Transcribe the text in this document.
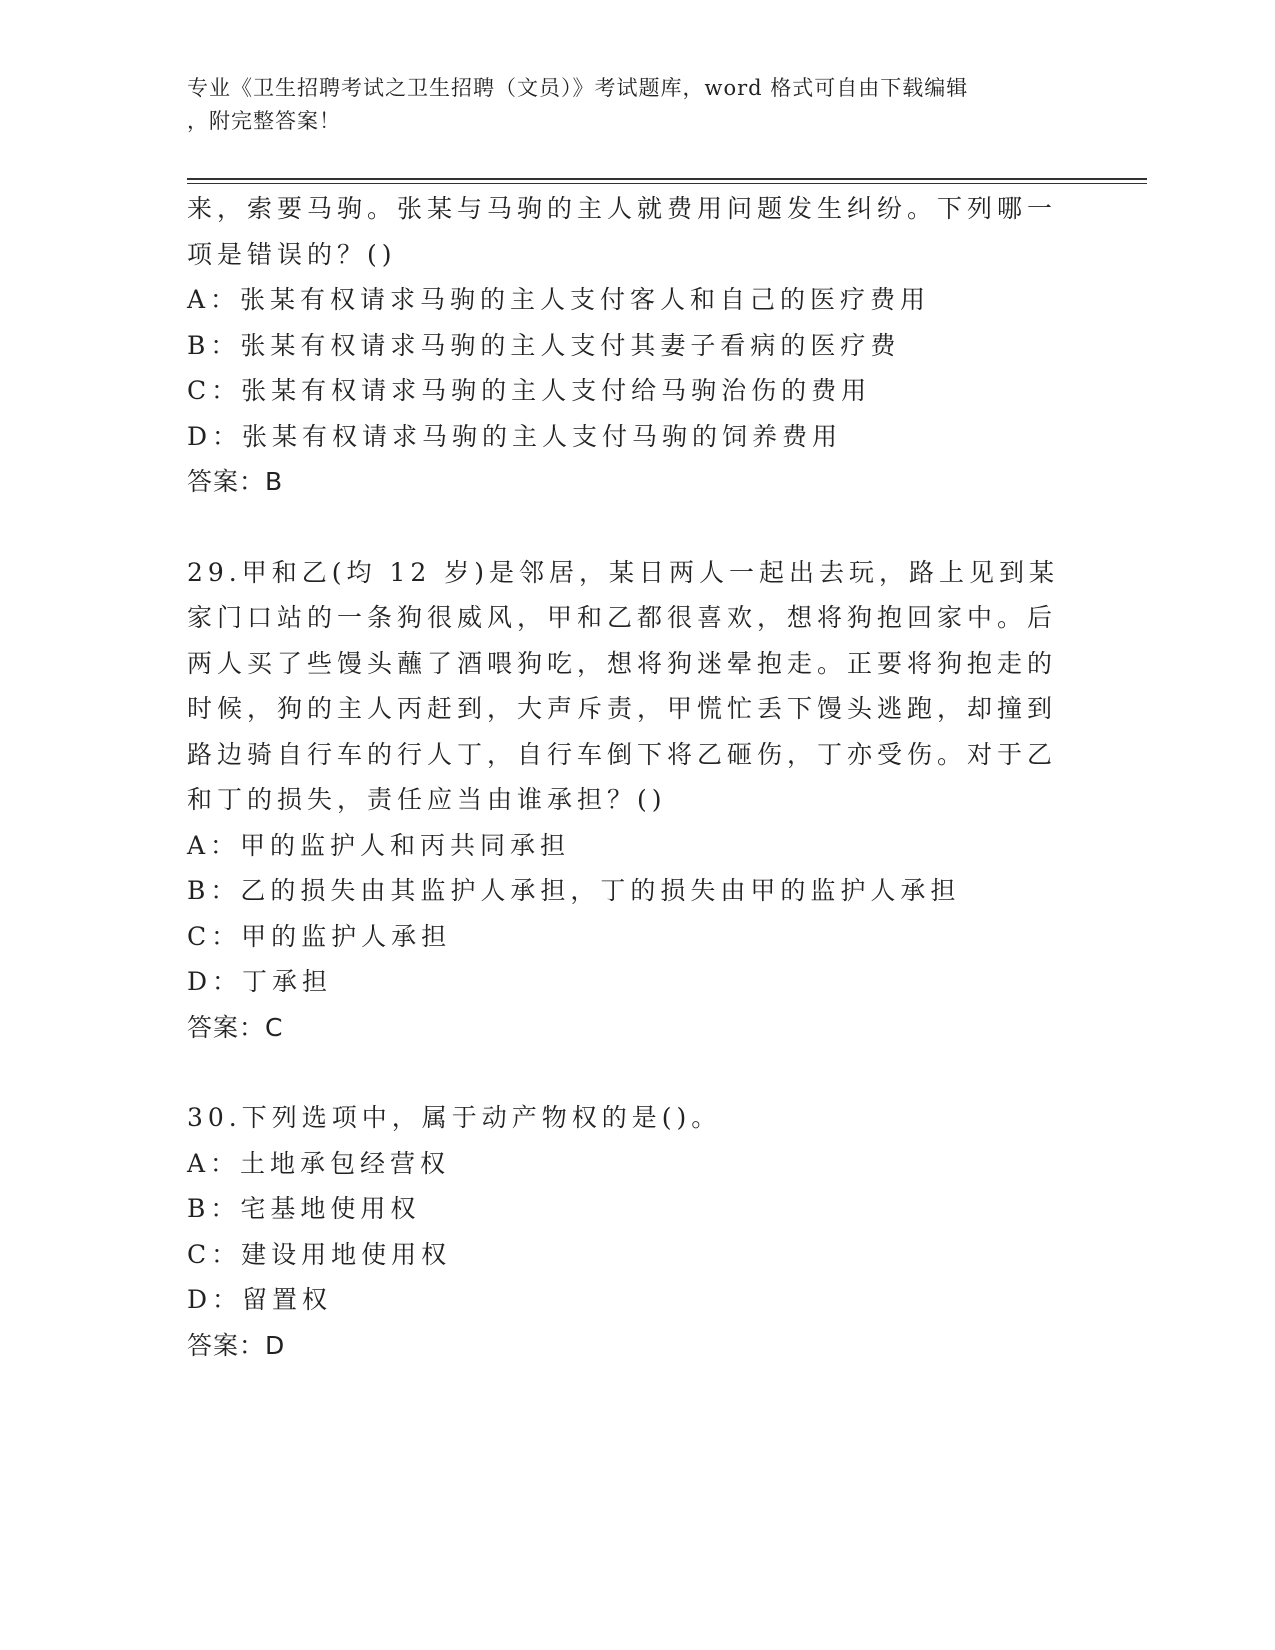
专业《卫生招聘考试之卫生招聘（文员）》考试题库，word 格式可自由下载编辑
，附完整答案！
来，索要马驹。张某与马驹的主人就费用问题发生纠纷。下列哪一项是错误的？()
A：张某有权请求马驹的主人支付客人和自己的医疗费用
B：张某有权请求马驹的主人支付其妻子看病的医疗费
C：张某有权请求马驹的主人支付给马驹治伤的费用
D：张某有权请求马驹的主人支付马驹的饲养费用
答案：B
29.甲和乙(均 12 岁)是邻居，某日两人一起出去玩，路上见到某家门口站的一条狗很威风，甲和乙都很喜欢，想将狗抱回家中。后两人买了些馒头蘸了酒喂狗吃，想将狗迷晕抱走。正要将狗抱走的时候，狗的主人丙赶到，大声斥责，甲慌忙丢下馒头逃跑，却撞到路边骑自行车的行人丁，自行车倒下将乙砸伤，丁亦受伤。对于乙和丁的损失，责任应当由谁承担？()
A：甲的监护人和丙共同承担
B：乙的损失由其监护人承担，丁的损失由甲的监护人承担
C：甲的监护人承担
D：丁承担
答案：C
30.下列选项中，属于动产物权的是()。
A：土地承包经营权
B：宅基地使用权
C：建设用地使用权
D：留置权
答案：D
